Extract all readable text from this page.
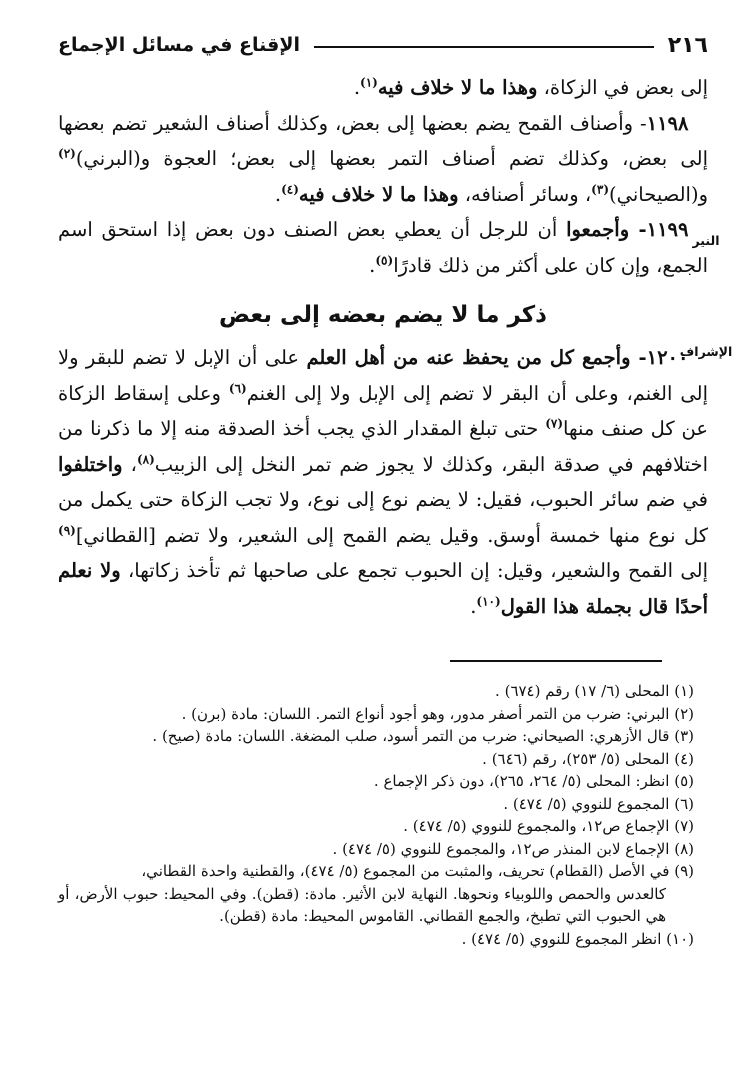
٢١٦
الإقناع في مسائل الإجماع
النير
الإشراف

إلى بعض في الزكاة، وهذا ما لا خلاف فيه$^{(١)}$.

 ١١٩٨- وأصناف القمح يضم بعضها إلى بعض، وكذلك أصناف الشعير تضم بعضها إلى بعض، وكذلك تضم أصناف التمر بعضها إلى بعض؛ العجوة و(البرني)$^{(٢)}$ و(الصيحاني)$^{(٣)}$، وسائر أصنافه، وهذا ما لا خلاف فيه$^{(٤)}$.

 ١١٩٩- وأجمعوا أن للرجل أن يعطي بعض الصنف دون بعض إذا استحق اسم الجمع، وإن كان على أكثر من ذلك قادرًا$^{(٥)}$.

ذكر ما لا يضم بعضه إلى بعض

 ١٢٠٠- وأجمع كل من يحفظ عنه من أهل العلم على أن الإبل لا تضم للبقر ولا إلى الغنم، وعلى أن البقر لا تضم إلى الإبل ولا إلى الغنم$^{(٦)}$ وعلى إسقاط الزكاة عن كل صنف منها$^{(٧)}$ حتى تبلغ المقدار الذي يجب أخذ الصدقة منه إلا ما ذكرنا من اختلافهم في صدقة البقر، وكذلك لا يجوز ضم تمر النخل إلى الزبيب$^{(٨)}$، واختلفوا في ضم سائر الحبوب، فقيل: لا يضم نوع إلى نوع، ولا تجب الزكاة حتى يكمل من كل نوع منها خمسة أوسق. وقيل يضم القمح إلى الشعير، ولا تضم [القطاني]$^{(٩)}$ إلى القمح والشعير، وقيل: إن الحبوب تجمع على صاحبها ثم تأخذ زكاتها، ولا نعلم أحدًا قال بجملة هذا القول$^{(١٠)}$.

(١) المحلى (٦/ ١٧) رقم (٦٧٤) .

(٢) البرني: ضرب من التمر أصفر مدور، وهو أجود أنواع التمر. اللسان: مادة (برن) .

(٣) قال الأزهري: الصيحاني: ضرب من التمر أسود، صلب المضغة. اللسان: مادة (صيح) .

(٤) المحلى (٥/ ٢٥٣)، رقم (٦٤٦) .

(٥) انظر: المحلى (٥/ ٢٦٤، ٢٦٥)، دون ذكر الإجماع .

(٦) المجموع للنووي (٥/ ٤٧٤) .

(٧) الإجماع ص١٢، والمجموع للنووي (٥/ ٤٧٤) .

(٨) الإجماع لابن المنذر ص١٢، والمجموع للنووي (٥/ ٤٧٤) .

(٩) في الأصل (القطام) تحريف، والمثبت من المجموع (٥/ ٤٧٤)، والقطنية واحدة القطاني،
كالعدس والحمص واللوبياء ونحوها. النهاية لابن الأثير. مادة: (قطن). وفي المحيط: حبوب الأرض، أو هي الحبوب التي تطبخ، والجمع القطاني. القاموس المحيط: مادة (قطن).

(١٠) انظر المجموع للنووي (٥/ ٤٧٤) .
